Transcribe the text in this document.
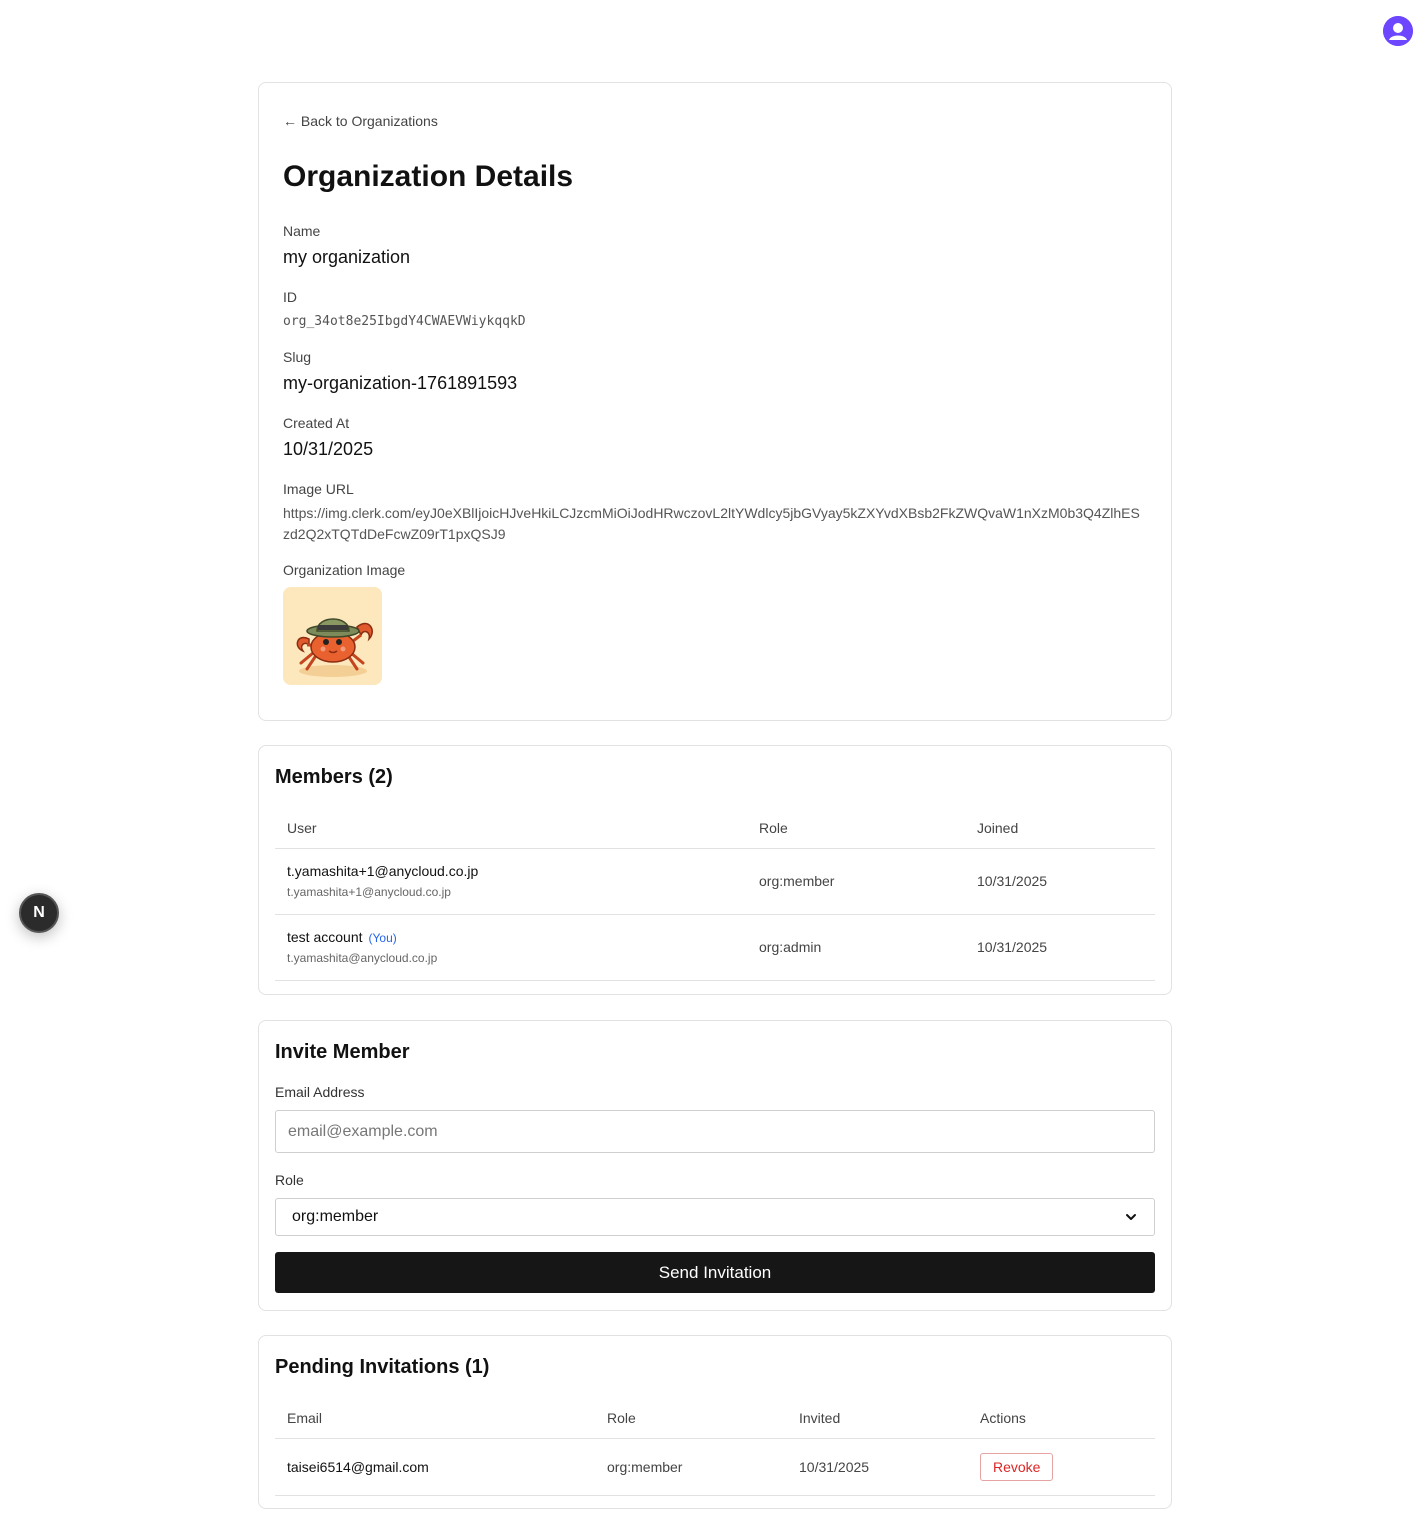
N
← Back to Organizations
Organization Details
Name
my organization
ID
org_34ot8e25IbgdY4CWAEVWiykqqkD
Slug
my-organization-1761891593
Created At
10/31/2025
Image URL
https://img.clerk.com/eyJ0eXBlIjoicHJveHkiLCJzcmMiOiJodHRwczovL2ltYWdlcy5jbGVyay5kZXYvdXBsb2FkZWQvaW1nXzM0b3Q4ZlhESzd2Q2xTQTdDeFcwZ09rT1pxQSJ9
Organization Image
Members (2)
User	Role	Joined

t.yamashita+1@anycloud.co.jp
t.yamashita+1@anycloud.co.jp	org:member	10/31/2025

test account (You)
t.yamashita@anycloud.co.jp	org:admin	10/31/2025
Invite Member
Email Address
email@example.com
Role
org:member
Send Invitation
Pending Invitations (1)
Email	Role	Invited	Actions
taisei6514@gmail.com	org:member	10/31/2025	Revoke
